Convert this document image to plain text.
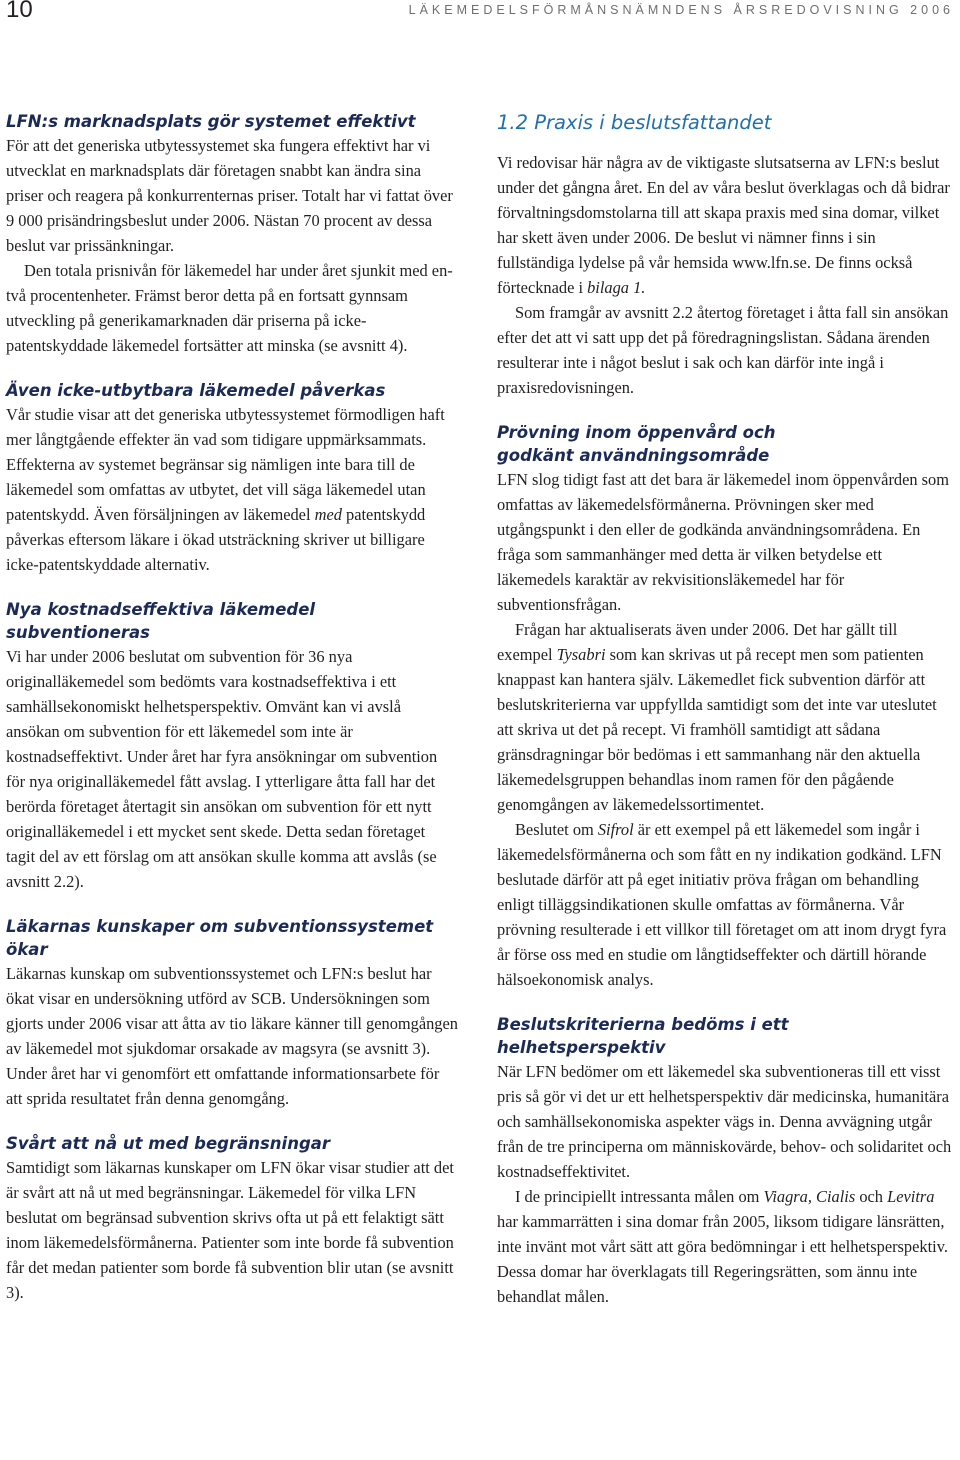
10	LÄKEMEDELSFÖRMÅNSNÄMNDENS ÅRSREDOVISNING 2006
LFN:s marknadsplats gör systemet effektivt

För att det generiska utbytessystemet ska fungera effektivt har vi utvecklat en marknadsplats där företagen snabbt kan ändra sina priser och reagera på konkurrenternas priser. Totalt har vi fattat över 9 000 prisändringsbeslut under 2006. Nästan 70 procent av dessa beslut var prissänkningar.

Den totala prisnivån för läkemedel har under året sjunkit med en-två procentenheter. Främst beror detta på en fortsatt gynnsam utveckling på generikamarknaden där priserna på icke-patentskyddade läkemedel fortsätter att minska (se avsnitt 4).

Även icke-utbytbara läkemedel påverkas

Vår studie visar att det generiska utbytessystemet förmodligen haft mer långtgående effekter än vad som tidigare uppmärksammats. Effekterna av systemet begränsar sig nämligen inte bara till de läkemedel som omfattas av utbytet, det vill säga läkemedel utan patentskydd. Även försäljningen av läkemedel med patentskydd påverkas eftersom läkare i ökad utsträckning skriver ut billigare icke-patentskyddade alternativ.

Nya kostnadseffektiva läkemedel subventioneras

Vi har under 2006 beslutat om subvention för 36 nya originalläkemedel som bedömts vara kostnadseffektiva i ett samhällsekonomiskt helhetsperspektiv. Omvänt kan vi avslå ansökan om subvention för ett läkemedel som inte är kostnadseffektivt. Under året har fyra ansökningar om subvention för nya originalläkemedel fått avslag. I ytterligare åtta fall har det berörda företaget återtagit sin ansökan om subvention för ett nytt originalläkemedel i ett mycket sent skede. Detta sedan företaget tagit del av ett förslag om att ansökan skulle komma att avslås (se avsnitt 2.2).

Läkarnas kunskaper om subventionssystemet ökar

Läkarnas kunskap om subventionssystemet och LFN:s beslut har ökat visar en undersökning utförd av SCB. Undersökningen som gjorts under 2006 visar att åtta av tio läkare känner till genomgången av läkemedel mot sjukdomar orsakade av magsyra (se avsnitt 3). Under året har vi genomfört ett omfattande informationsarbete för att sprida resultatet från denna genomgång.

Svårt att nå ut med begränsningar

Samtidigt som läkarnas kunskaper om LFN ökar visar studier att det är svårt att nå ut med begränsningar. Läkemedel för vilka LFN beslutat om begränsad subvention skrivs ofta ut på ett felaktigt sätt inom läkemedelsförmånerna. Patienter som inte borde få subvention får det medan patienter som borde få subvention blir utan (se avsnitt 3).

1.2 Praxis i beslutsfattandet

Vi redovisar här några av de viktigaste slutsatserna av LFN:s beslut under det gångna året. En del av våra beslut överklagas och då bidrar förvaltningsdomstolarna till att skapa praxis med sina domar, vilket har skett även under 2006. De beslut vi nämner finns i sin fullständiga lydelse på vår hemsida www.lfn.se. De finns också förtecknade i bilaga 1.

Som framgår av avsnitt 2.2 återtog företaget i åtta fall sin ansökan efter det att vi satt upp det på föredragningslistan. Sådana ärenden resulterar inte i något beslut i sak och kan därför inte ingå i praxisredovisningen.

Prövning inom öppenvård och
godkänt användningsområde

LFN slog tidigt fast att det bara är läkemedel inom öppenvården som omfattas av läkemedelsförmånerna. Prövningen sker med utgångspunkt i den eller de godkända användningsområdena. En fråga som sammanhänger med detta är vilken betydelse ett läkemedels karaktär av rekvisitionsläkemedel har för subventionsfrågan.

Frågan har aktualiserats även under 2006. Det har gällt till exempel Tysabri som kan skrivas ut på recept men som patienten knappast kan hantera själv. Läkemedlet fick subvention därför att beslutskriterierna var uppfyllda samtidigt som det inte var uteslutet att skriva ut det på recept. Vi framhöll samtidigt att sådana gränsdragningar bör bedömas i ett sammanhang när den aktuella läkemedelsgruppen behandlas inom ramen för den pågående genomgången av läkemedelssortimentet.

Beslutet om Sifrol är ett exempel på ett läkemedel som ingår i läkemedelsförmånerna och som fått en ny indikation godkänd. LFN beslutade därför att på eget initiativ pröva frågan om behandling enligt tilläggsindikationen skulle omfattas av förmånerna. Vår prövning resulterade i ett villkor till företaget om att inom drygt fyra år förse oss med en studie om långtidseffekter och därtill hörande hälsoekonomisk analys.

Beslutskriterierna bedöms i ett helhetsperspektiv

När LFN bedömer om ett läkemedel ska subventioneras till ett visst pris så gör vi det ur ett helhetsperspektiv där medicinska, humanitära och samhällsekonomiska aspekter vägs in. Denna avvägning utgår från de tre principerna om människovärde, behov- och solidaritet och kostnadseffektivitet.

I de principiellt intressanta målen om Viagra, Cialis och Levitra har kammarrätten i sina domar från 2005, liksom tidigare länsrätten, inte invänt mot vårt sätt att göra bedömningar i ett helhetsperspektiv. Dessa domar har överklagats till Regeringsrätten, som ännu inte behandlat målen.
